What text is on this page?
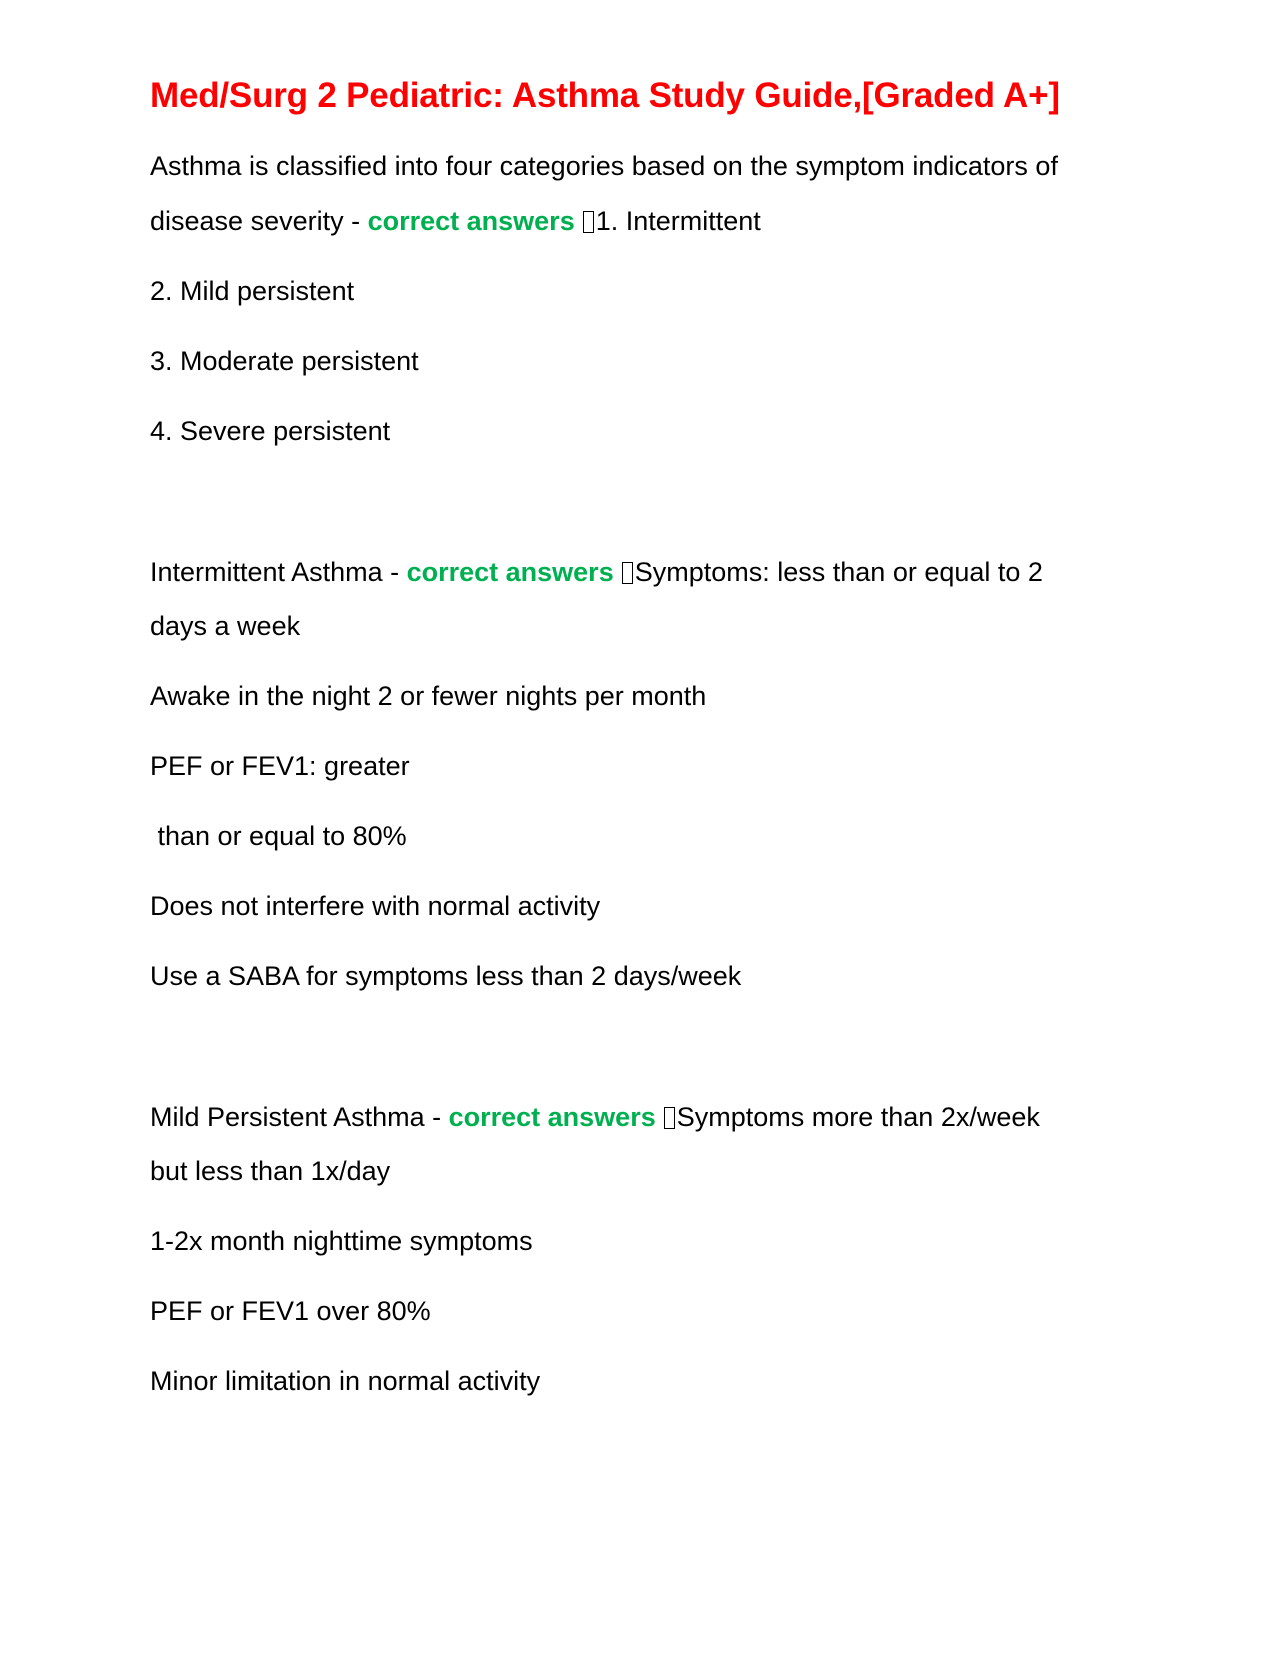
Med/Surg 2 Pediatric: Asthma Study Guide,[Graded A+]

Asthma is classified into four categories based on the symptom indicators of

disease severity - correct answers 1. Intermittent

2. Mild persistent

3. Moderate persistent

4. Severe persistent

Intermittent Asthma - correct answers Symptoms: less than or equal to 2

days a week

Awake in the night 2 or fewer nights per month

PEF or FEV1: greater

than or equal to 80%

Does not interfere with normal activity

Use a SABA for symptoms less than 2 days/week

Mild Persistent Asthma - correct answers Symptoms more than 2x/week

but less than 1x/day

1-2x month nighttime symptoms

PEF or FEV1 over 80%

Minor limitation in normal activity
